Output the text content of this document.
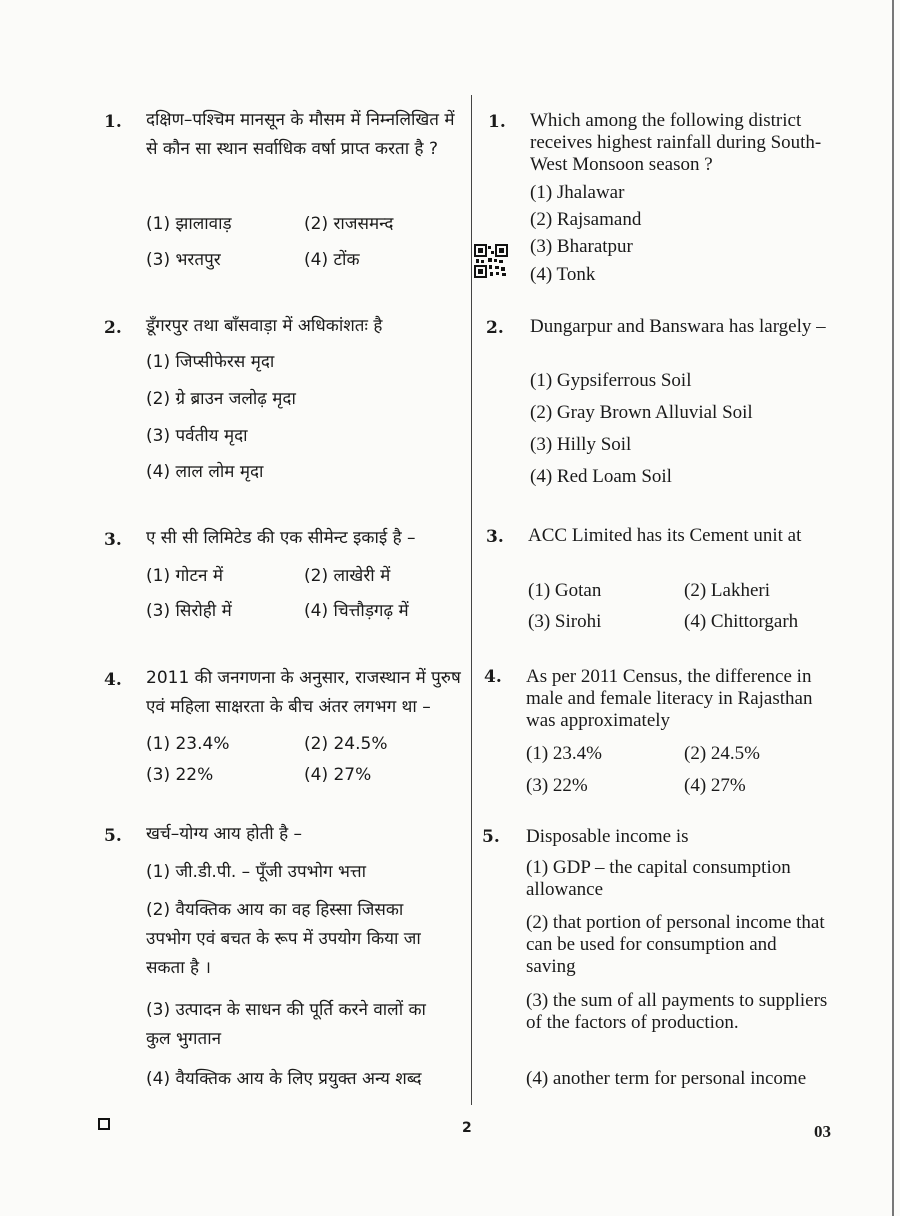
1. दक्षिण–पश्चिम मानसून के मौसम में निम्नलिखित में से कौन सा स्थान सर्वाधिक वर्षा प्राप्त करता है ?
(1) झालावाड़	(2) राजसमन्द
(3) भरतपुर	(4) टोंक
2. डूँगरपुर तथा बाँसवाड़ा में अधिकांशतः है
(1) जिप्सीफेरस मृदा
(2) ग्रे ब्राउन जलोढ़ मृदा
(3) पर्वतीय मृदा
(4) लाल लोम मृदा
3. ए सी सी लिमिटेड की एक सीमेन्ट इकाई है –
(1) गोटन में	(2) लाखेरी में
(3) सिरोही में	(4) चित्तौड़गढ़ में
4. 2011 की जनगणना के अनुसार, राजस्थान में पुरुष एवं महिला साक्षरता के बीच अंतर लगभग था –
(1) 23.4%	(2) 24.5%
(3) 22%	(4) 27%
5. खर्च–योग्य आय होती है –
(1) जी.डी.पी. – पूँजी उपभोग भत्ता
(2) वैयक्तिक आय का वह हिस्सा जिसका उपभोग एवं बचत के रूप में उपयोग किया जा सकता है ।
(3) उत्पादन के साधन की पूर्ति करने वालों का कुल भुगतान
(4) वैयक्तिक आय के लिए प्रयुक्त अन्य शब्द
1. Which among the following district receives highest rainfall during South-West Monsoon season ?
(1) Jhalawar
(2) Rajsamand
(3) Bharatpur
(4) Tonk
2. Dungarpur and Banswara has largely –
(1) Gypsiferrous Soil
(2) Gray Brown Alluvial Soil
(3) Hilly Soil
(4) Red Loam Soil
3. ACC Limited has its Cement unit at
(1) Gotan	(2) Lakheri
(3) Sirohi	(4) Chittorgarh
4. As per 2011 Census, the difference in male and female literacy in Rajasthan was approximately
(1) 23.4%	(2) 24.5%
(3) 22%	(4) 27%
5. Disposable income is
(1) GDP – the capital consumption allowance
(2) that portion of personal income that can be used for consumption and saving
(3) the sum of all payments to suppliers of the factors of production.
(4) another term for personal income
2	03
